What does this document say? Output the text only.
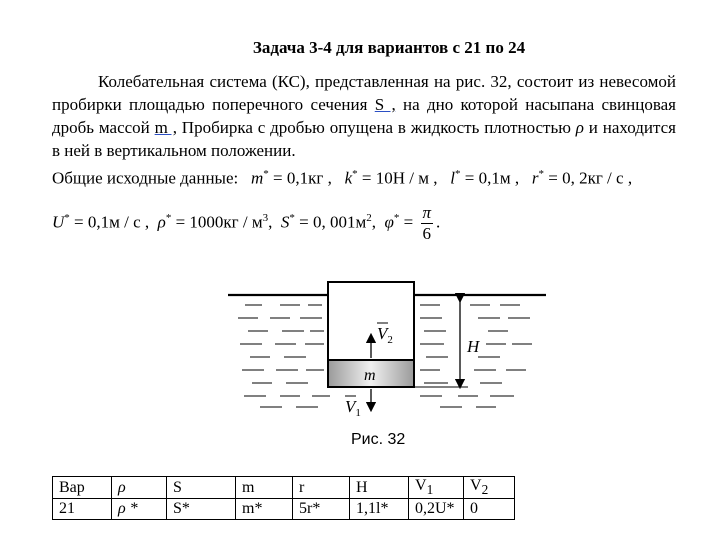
Задача 3-4 для вариантов с 21 по 24
Колебательная система (КС), представленная на рис. 32, состоит из невесомой пробирки площадью поперечного сечения S , на дно которой насыпана свинцовая дробь массой m , Пробирка с дробью опущена в жидкость плотностью ρ и находится в ней в вертикальном положении.
Общие исходные данные: m* = 0,1кг , k* = 10Н / м , l* = 0,1м , r* = 0, 2кг / с ,
U* = 0,1м / с , $\rho^* = 1000кг / м^3$, S* = 0, $001м^2$, $\varphi^* = \frac{\pi}{6}$ .
m
$V_2$
$V_1$
H
Рис. 32
Вар	ρ	S	m	r	H	$V_1$	$V_2$
21	ρ *	S*	m*	5r*	1,1l*	0,2U*	0
